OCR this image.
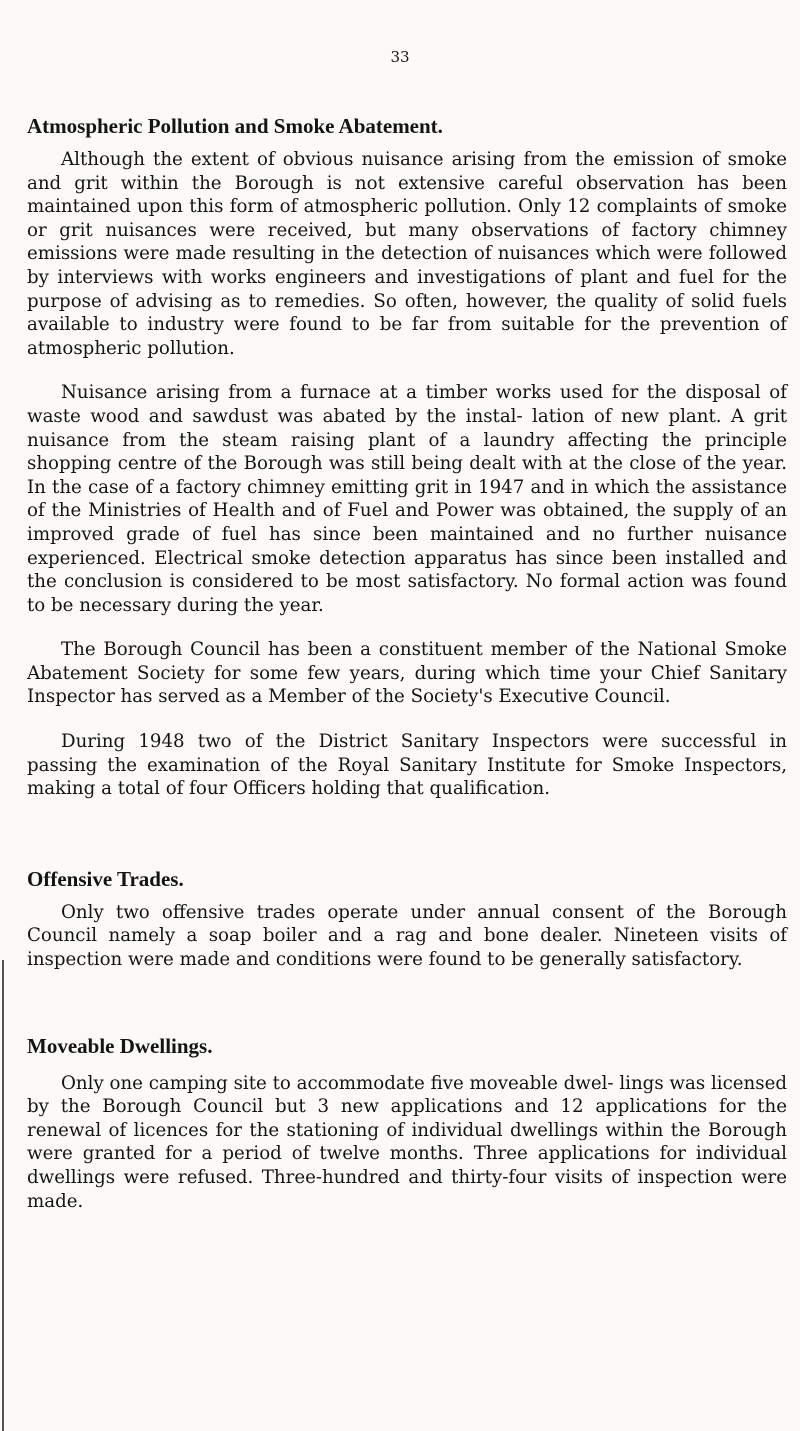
33
Atmospheric Pollution and Smoke Abatement.

Although the extent of obvious nuisance arising from the emission of smoke and grit within the Borough is not extensive careful observation has been maintained upon this form of atmospheric pollution. Only 12 complaints of smoke or grit nuisances were received, but many observations of factory chimney emissions were made resulting in the detection of nuisances which were followed by interviews with works engineers and investigations of plant and fuel for the purpose of advising as to remedies. So often, however, the quality of solid fuels available to industry were found to be far from suitable for the prevention of atmospheric pollution.

Nuisance arising from a furnace at a timber works used for the disposal of waste wood and sawdust was abated by the instal- lation of new plant. A grit nuisance from the steam raising plant of a laundry affecting the principle shopping centre of the Borough was still being dealt with at the close of the year. In the case of a factory chimney emitting grit in 1947 and in which the assistance of the Ministries of Health and of Fuel and Power was obtained, the supply of an improved grade of fuel has since been maintained and no further nuisance experienced. Electrical smoke detection apparatus has since been installed and the conclusion is considered to be most satisfactory. No formal action was found to be necessary during the year.

The Borough Council has been a constituent member of the National Smoke Abatement Society for some few years, during which time your Chief Sanitary Inspector has served as a Member of the Society's Executive Council.

During 1948 two of the District Sanitary Inspectors were successful in passing the examination of the Royal Sanitary Institute for Smoke Inspectors, making a total of four Officers holding that qualification.

Offensive Trades.

Only two offensive trades operate under annual consent of the Borough Council namely a soap boiler and a rag and bone dealer. Nineteen visits of inspection were made and conditions were found to be generally satisfactory.

Moveable Dwellings.

Only one camping site to accommodate five moveable dwel- lings was licensed by the Borough Council but 3 new applications and 12 applications for the renewal of licences for the stationing of individual dwellings within the Borough were granted for a period of twelve months. Three applications for individual dwellings were refused. Three-hundred and thirty-four visits of inspection were made.
